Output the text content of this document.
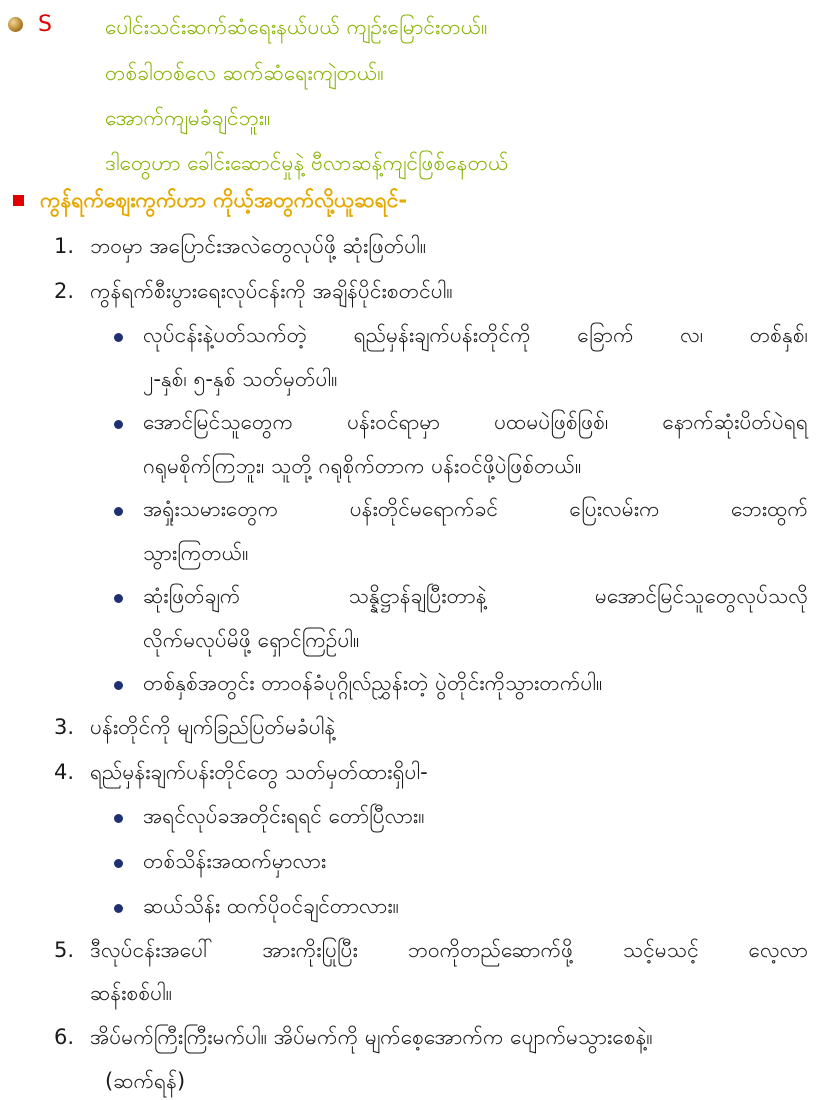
S	ပေါင်းသင်းဆက်ဆံရေးနယ်ပယ် ကျဉ်းမြောင်းတယ်။
တစ်ခါတစ်လေ ဆက်ဆံရေးကျဲတယ်။
အောက်ကျမခံချင်ဘူး။
ဒါတွေဟာ ခေါင်းဆောင်မှုနဲ့ ဗီလာဆန့်ကျင်ဖြစ်နေတယ်
ကွန်ရက်ဈေးကွက်ဟာ ကိုယ့်အတွက်လို့ယူဆရင်-
1. ဘဝမှာ အပြောင်းအလဲတွေလုပ်ဖို့ ဆုံးဖြတ်ပါ။
2. ကွန်ရက်စီးပွားရေးလုပ်ငန်းကို အချိန်ပိုင်းစတင်ပါ။
လုပ်ငန်းနဲ့ပတ်သက်တဲ့ ရည်မှန်းချက်ပန်းတိုင်ကို ခြောက် လ၊ တစ်နှစ်၊
၂-နှစ်၊ ၅-နှစ် သတ်မှတ်ပါ။
အောင်မြင်သူတွေက	ပန်းဝင်ရာမှာ	ပထမပဲဖြစ်ဖြစ်၊	နောက်ဆုံးပိတ်ပဲရရ
ဂရုမစိုက်ကြဘူး၊ သူတို့ ဂရုစိုက်တာက ပန်းဝင်ဖို့ပဲဖြစ်တယ်။
အရှုံးသမားတွေက	ပန်းတိုင်မရောက်ခင်	ပြေးလမ်းက	ဘေးထွက်
သွားကြတယ်။
ဆုံးဖြတ်ချက်	သန္နိဋ္ဌာန်ချပြီးတာနဲ့	မအောင်မြင်သူတွေလုပ်သလို
လိုက်မလုပ်မိဖို့ ရှောင်ကြဉ်ပါ။
တစ်နှစ်အတွင်း တာဝန်ခံပုဂ္ဂိုလ်ညွှန်းတဲ့ ပွဲတိုင်းကိုသွားတက်ပါ။
3. ပန်းတိုင်ကို မျက်ခြည်ပြတ်မခံပါနဲ့
4. ရည်မှန်းချက်ပန်းတိုင်တွေ သတ်မှတ်ထားရှိပါ-
အရင်လုပ်ခအတိုင်းရရင် တော်ပြီလား။
တစ်သိန်းအထက်မှာလား
ဆယ်သိန်း ထက်ပိုဝင်ချင်တာလား။
5. ဒီလုပ်ငန်းအပေါ် အားကိုးပြုပြီး ဘဝကိုတည်ဆောက်ဖို့ သင့်မသင့် လေ့လာ
ဆန်းစစ်ပါ။
6. အိပ်မက်ကြီးကြီးမက်ပါ။ အိပ်မက်ကို မျက်စေ့အောက်က ပျောက်မသွားစေနဲ့။
(ဆက်ရန်)
